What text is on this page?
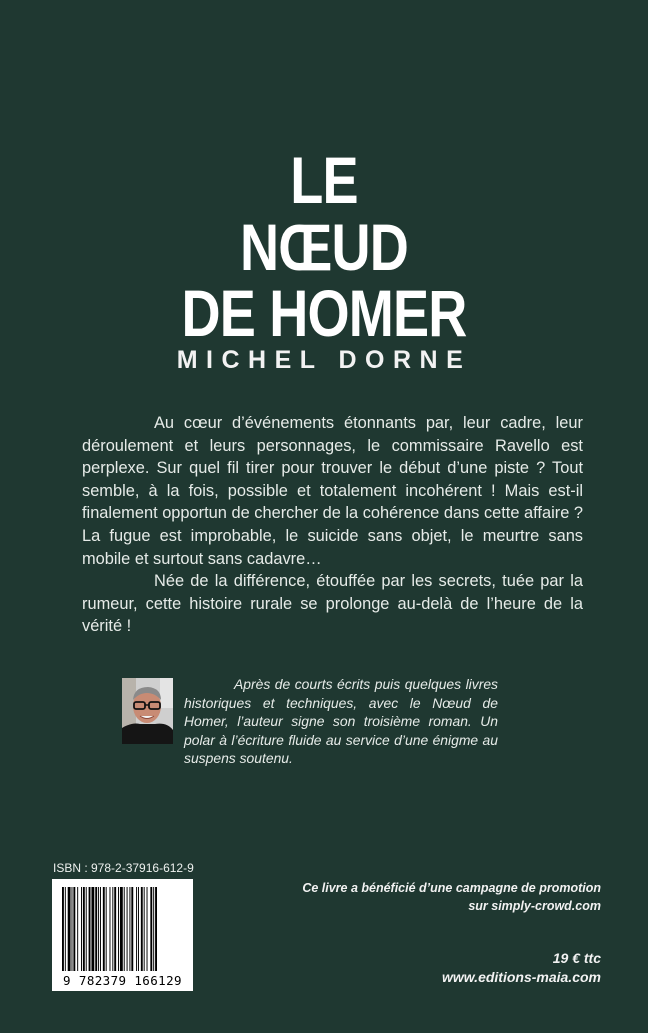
LE
NŒUD
DE HOMER
MICHEL DORNE

Au cœur d’événements étonnants par, leur cadre, leur déroulement et leurs personnages, le commissaire Ravello est perplexe. Sur quel fil tirer pour trouver le début d’une piste ? Tout semble, à la fois, possible et totalement incohérent ! Mais est-il finalement opportun de chercher de la cohérence dans cette affaire ? La fugue est improbable, le suicide sans objet, le meurtre sans mobile et surtout sans cadavre…

Née de la différence, étouffée par les secrets, tuée par la rumeur, cette histoire rurale se prolonge au-delà de l’heure de la vérité !

Après de courts écrits puis quelques livres historiques et techniques, avec le Nœud de Homer, l’auteur signe son troisième roman. Un polar à l’écriture fluide au service d’une énigme au suspens soutenu.
ISBN : 978-2-37916-612-9
9 782379 166129
Ce livre a bénéficié d’une campagne de promotion
sur simply-crowd.com
19 € ttc
www.editions-maia.com
